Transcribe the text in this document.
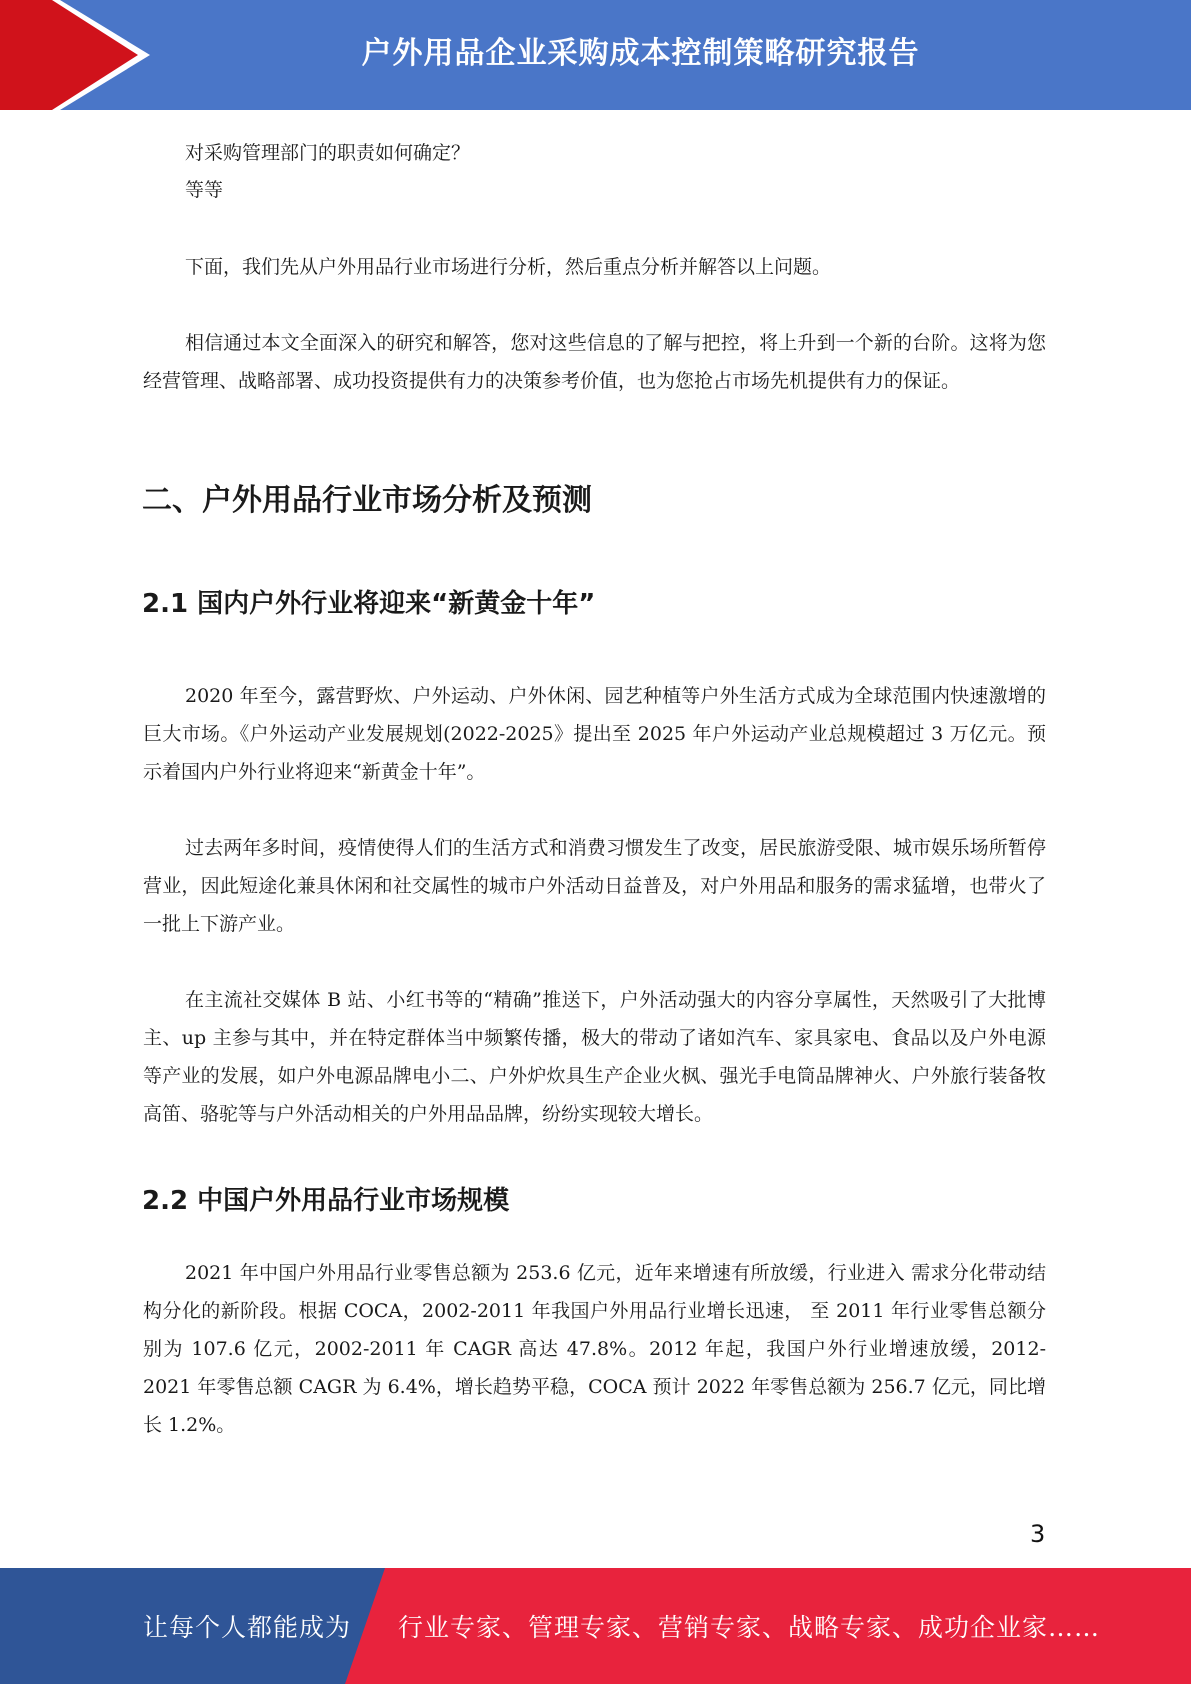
户外用品企业采购成本控制策略研究报告
对采购管理部门的职责如何确定？
等等
下面，我们先从户外用品行业市场进行分析，然后重点分析并解答以上问题。
相信通过本文全面深入的研究和解答，您对这些信息的了解与把控，将上升到一个新的台阶。这将为您经营管理、战略部署、成功投资提供有力的决策参考价值，也为您抢占市场先机提供有力的保证。
二、户外用品行业市场分析及预测
2.1 国内户外行业将迎来“新黄金十年”
2020 年至今，露营野炊、户外运动、户外休闲、园艺种植等户外生活方式成为全球范围内快速激增的巨大市场。《户外运动产业发展规划(2022-2025》提出至 2025 年户外运动产业总规模超过 3 万亿元。预示着国内户外行业将迎来“新黄金十年”。
过去两年多时间，疫情使得人们的生活方式和消费习惯发生了改变，居民旅游受限、城市娱乐场所暂停营业，因此短途化兼具休闲和社交属性的城市户外活动日益普及，对户外用品和服务的需求猛增，也带火了一批上下游产业。
在主流社交媒体 B 站、小红书等的“精确”推送下，户外活动强大的内容分享属性，天然吸引了大批博主、up 主参与其中，并在特定群体当中频繁传播，极大的带动了诸如汽车、家具家电、食品以及户外电源等产业的发展，如户外电源品牌电小二、户外炉炊具生产企业火枫、强光手电筒品牌神火、户外旅行装备牧高笛、骆驼等与户外活动相关的户外用品品牌，纷纷实现较大增长。
2.2 中国户外用品行业市场规模
2021 年中国户外用品行业零售总额为 253.6 亿元，近年来增速有所放缓，行业进入 需求分化带动结构分化的新阶段。根据 COCA，2002-2011 年我国户外用品行业增长迅速， 至 2011 年行业零售总额分别为 107.6 亿元，2002-2011 年 CAGR 高达 47.8%。2012 年起，我国户外行业增速放缓，2012-2021 年零售总额 CAGR 为 6.4%，增长趋势平稳，COCA 预计 2022 年零售总额为 256.7 亿元，同比增长 1.2%。
3
让每个人都能成为 行业专家、管理专家、营销专家、战略专家、成功企业家……
